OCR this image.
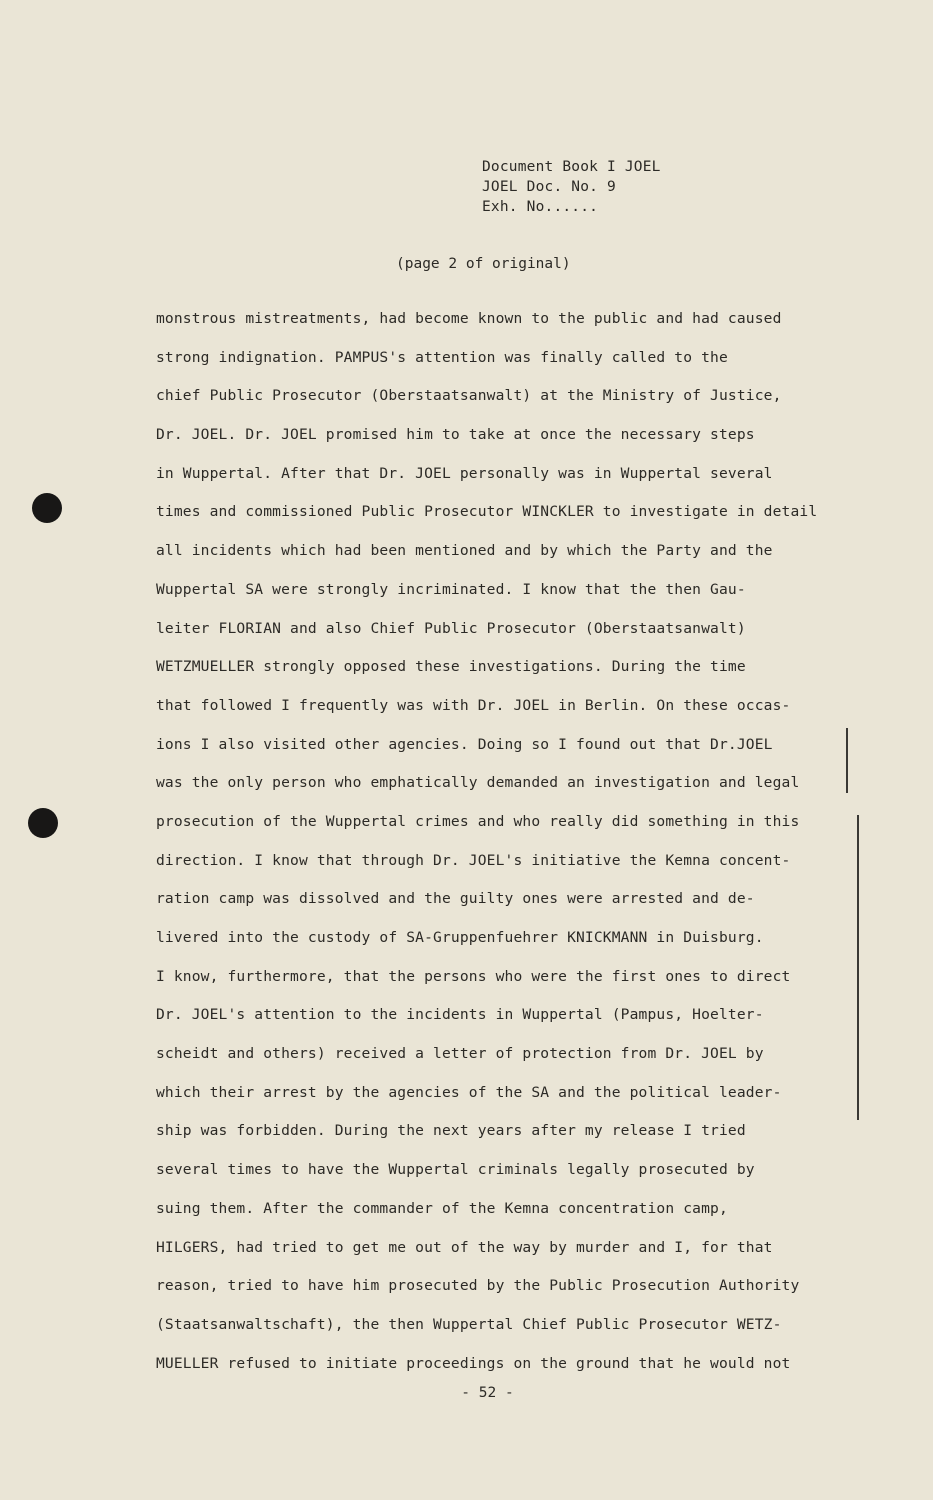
Document Book I JOEL
JOEL Doc. No. 9
Exh. No......
(page 2 of original)
monstrous mistreatments, had become known to the public and had caused
strong indignation. PAMPUS's attention was finally called to the
chief Public Prosecutor (Oberstaatsanwalt) at the Ministry of Justice,
Dr. JOEL. Dr. JOEL promised him to take at once the necessary steps
in Wuppertal. After that Dr. JOEL personally was in Wuppertal several
times and commissioned Public Prosecutor WINCKLER to investigate in detail
all incidents which had been mentioned and by which the Party and the
Wuppertal SA were strongly incriminated. I know that the then Gau-
leiter FLORIAN and also Chief Public Prosecutor (Oberstaatsanwalt)
WETZMUELLER strongly opposed these investigations. During the time
that followed I frequently was with Dr. JOEL in Berlin. On these occas-
ions I also visited other agencies. Doing so I found out that Dr.JOEL
was the only person who emphatically demanded an investigation and legal
prosecution of the Wuppertal crimes and who really did something in this
direction. I know that through Dr. JOEL's initiative the Kemna concent-
ration camp was dissolved and the guilty ones were arrested and de-
livered into the custody of SA-Gruppenfuehrer KNICKMANN in Duisburg.
I know, furthermore, that the persons who were the first ones to direct
Dr. JOEL's attention to the incidents in Wuppertal (Pampus, Hoelter-
scheidt and others) received a letter of protection from Dr. JOEL by
which their arrest by the agencies of the SA and the political leader-
ship was forbidden. During the next years after my release I tried
several times to have the Wuppertal criminals legally prosecuted by
suing them. After the commander of the Kemna concentration camp,
HILGERS, had tried to get me out of the way by murder and I, for that
reason, tried to have him prosecuted by the Public Prosecution Authority
(Staatsanwaltschaft), the then Wuppertal Chief Public Prosecutor WETZ-
MUELLER refused to initiate proceedings on the ground that he would not
- 52 -
